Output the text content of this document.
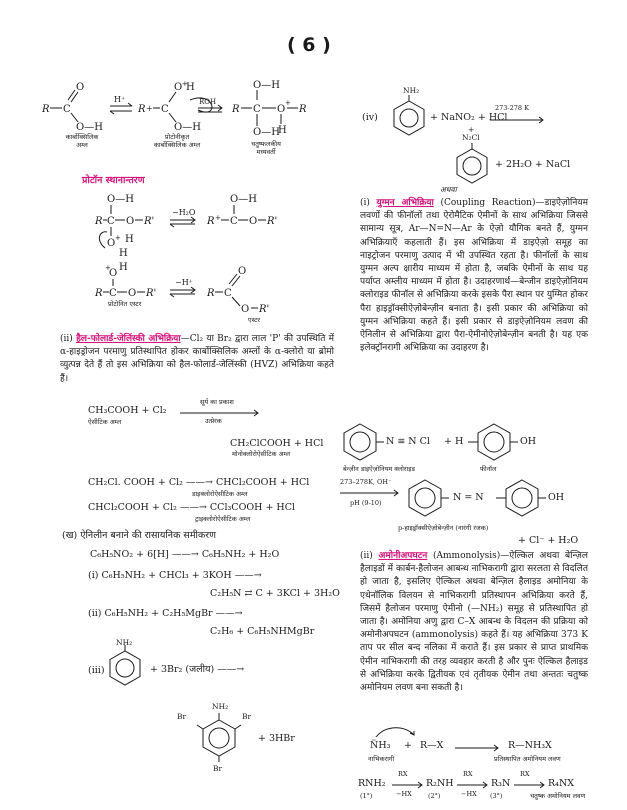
( 6 )
R C
O
O—H
H⁺
R + C
O +
H
O—H
ROH
R C
O—H
O—H
O
+
R
H
कार्बोक्सिलिक अम्ल
प्रोटोनीकृत कार्बोक्सिलिक अम्ल	चतुष्फलकीय मध्यवर्ती
प्रोटॉन स्थानान्तरण
O—H
R C O R'
O + H
H
−H₂O
O—H
R + C O R'
O
+ H
R C O R'
−H⁺
R C
O
O R'
प्रोटोनित एस्टर
एस्टर
(ii) हैल-फोलार्ड-जेलिंस्की अभिक्रिया—Cl₂ या Br₂ द्वारा लाल 'P' की उपस्थिति में α-हाइड्रोजन परमाणु प्रतिस्थापित होकर कार्बोक्सिलिक अम्लों के α-क्लोरो या ब्रोमो व्युत्पन्न देते हैं तो इस अभिक्रिया को हैल-फोलार्ड-जेलिंस्की (HVZ) अभिक्रिया कहते हैं।
CH₃COOH + Cl₂
सूर्य का प्रकाश
उत्प्रेरक
ऐसीटिक अम्ल
CH₂ClCOOH + HCl
मोनोक्लोरोऐसीटिक अम्ल
CH₂Cl. COOH + Cl₂ ——→ CHCl₂COOH + HCl
डाइक्लोरोऐसीटिक अम्ल
CHCl₂COOH + Cl₂ ——→ CCl₃COOH + HCl
ट्राइक्लोरोऐसीटिक अम्ल
(ख) ऐनिलीन बनाने की रासायनिक समीकरण
C₆H₅NO₂ + 6[H] ——→ C₆H₅NH₂ + H₂O
(i) C₆H₅NH₂ + CHCl₃ + 3KOH ——→
C₂H₅N ⇄ C + 3KCl + 3H₂O
(ii) C₆H₅NH₂ + C₂H₅MgBr ——→
C₂H₆ + C₆H₅NHMgBr
(iii)
NH₂
+ 3Br₂ (जलीय) ——→
NH₂
Br	Br
Br
+ 3HBr
NH₂
(iv)	+ NaNO₂ + HCl
273-278 K
+
N₂Cl
+ 2H₂O + NaCl
अथवा
(i) युग्मन अभिक्रिया (Coupling Reaction)—डाइऐज़ोनियम लवणों की फीनॉलों तथा ऐरोमैटिक ऐमीनों के साथ अभिक्रिया जिससे सामान्य सूत्र, Ar—N=N—Ar के ऐज़ो यौगिक बनते हैं, युग्मन अभिक्रियाएँ कहलाती हैं। इस अभिक्रिया में डाइऐज़ो समूह का नाइट्रोजन परमाणु उत्पाद में भी उपस्थित रहता है। फीनॉलों के साथ युग्मन अल्प क्षारीय माध्यम में होता है, जबकि ऐमीनों के साथ यह पर्याप्त अम्लीय माध्यम में होता है। उदाहरणार्थ—बेन्जीन डाइऐज़ोनियम क्लोराइड फीनॉल से अभिक्रिया करके इसके पैरा स्थान पर युग्मित होकर पैरा हाइड्रॉक्सीऐज़ोबेन्ज़ीन बनाता है। इसी प्रकार की अभिक्रिया को युग्मन अभिक्रिया कहते हैं। इसी प्रकार से डाइऐज़ोनियम लवण की ऐनिलीन से अभिक्रिया द्वारा पैरा-ऐमीनोऐज़ोबेन्ज़ीन बनती है। यह एक इलेक्ट्रॉनरागी अभिक्रिया का उदाहरण है।
N ≡ N Cl + H	OH
बेन्ज़ीन डाइऐज़ोनियम क्लोराइड	फीनॉल
273–278K, OH⁻
pH (9-10)	N = N	OH
p-हाइड्रॉक्सीऐज़ोबेन्ज़ीन (नारंगी रंजक)
+ Cl⁻ + H₂O
(ii) अमोनीअपघटन (Ammonolysis)—ऐल्किल अथवा बेन्ज़िल हैलाइडों में कार्बन-हैलोजन आबन्ध नाभिकरागी द्वारा सरलता से विदलित हो जाता है, इसलिए ऐल्किल अथवा बेन्ज़िल हैलाइड अमोनिया के एथेनॉलिक विलयन से नाभिकरागी प्रतिस्थापन अभिक्रिया करते हैं, जिसमें हैलोजन परमाणु ऐमीनो (—NH₂) समूह से प्रतिस्थापित हो जाता है। अमोनिया अणु द्वारा C–X आबन्ध के विदलन की प्रक्रिया को अमोनीअपघटन (ammonolysis) कहते हैं। यह अभिक्रिया 373 K ताप पर सील बन्द नलिका में कराते हैं। इस प्रकार से प्राप्त प्राथमिक ऐमीन नाभिकरागी की तरह व्यवहार करती है और पुनः ऐल्किल हैलाइड से अभिक्रिया करके द्वितीयक एवं तृतीयक ऐमीन तथा अन्ततः चतुष्क अमोनियम लवण बना सकती है।
N̈H₃ + R—X	R—NH₃X
नाभिकरागी	प्रतिस्थापित अमोनियम लवण
RNH₂
RX
−HX
R₂NH
RX
−HX
R₃N
RX
R₄NX
(1°)	(2°)	(3°)	चतुष्क अमोनियम लवण
